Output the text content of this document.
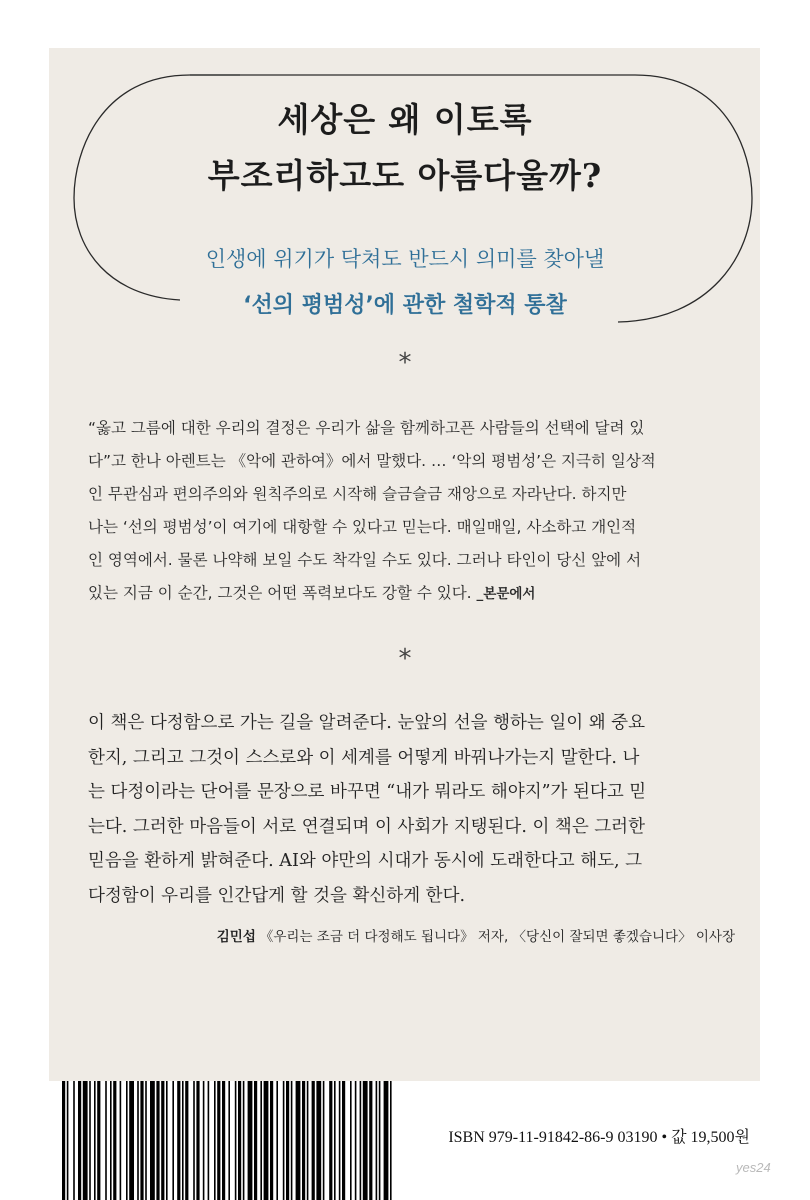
세상은 왜 이토록
부조리하고도 아름다울까?
인생에 위기가 닥쳐도 반드시 의미를 찾아낼
‘선의 평범성’에 관한 철학적 통찰
*
“옳고 그름에 대한 우리의 결정은 우리가 삶을 함께하고픈 사람들의 선택에 달려 있
다”고 한나 아렌트는 《악에 관하여》에서 말했다. … ‘악의 평범성’은 지극히 일상적
인 무관심과 편의주의와 원칙주의로 시작해 슬금슬금 재앙으로 자라난다. 하지만
나는 ‘선의 평범성’이 여기에 대항할 수 있다고 믿는다. 매일매일, 사소하고 개인적
인 영역에서. 물론 나약해 보일 수도 착각일 수도 있다. 그러나 타인이 당신 앞에 서
있는 지금 이 순간, 그것은 어떤 폭력보다도 강할 수 있다. _본문에서
*
이 책은 다정함으로 가는 길을 알려준다. 눈앞의 선을 행하는 일이 왜 중요
한지, 그리고 그것이 스스로와 이 세계를 어떻게 바꿔나가는지 말한다. 나
는 다정이라는 단어를 문장으로 바꾸면 “내가 뭐라도 해야지”가 된다고 믿
는다. 그러한 마음들이 서로 연결되며 이 사회가 지탱된다. 이 책은 그러한
믿음을 환하게 밝혀준다. AI와 야만의 시대가 동시에 도래한다고 해도, 그
다정함이 우리를 인간답게 할 것을 확신하게 한다.
김민섭 《우리는 조금 더 다정해도 됩니다》 저자, 〈당신이 잘되면 좋겠습니다〉 이사장
ISBN 979-11-91842-86-9 03190 • 값 19,500원
yes24
